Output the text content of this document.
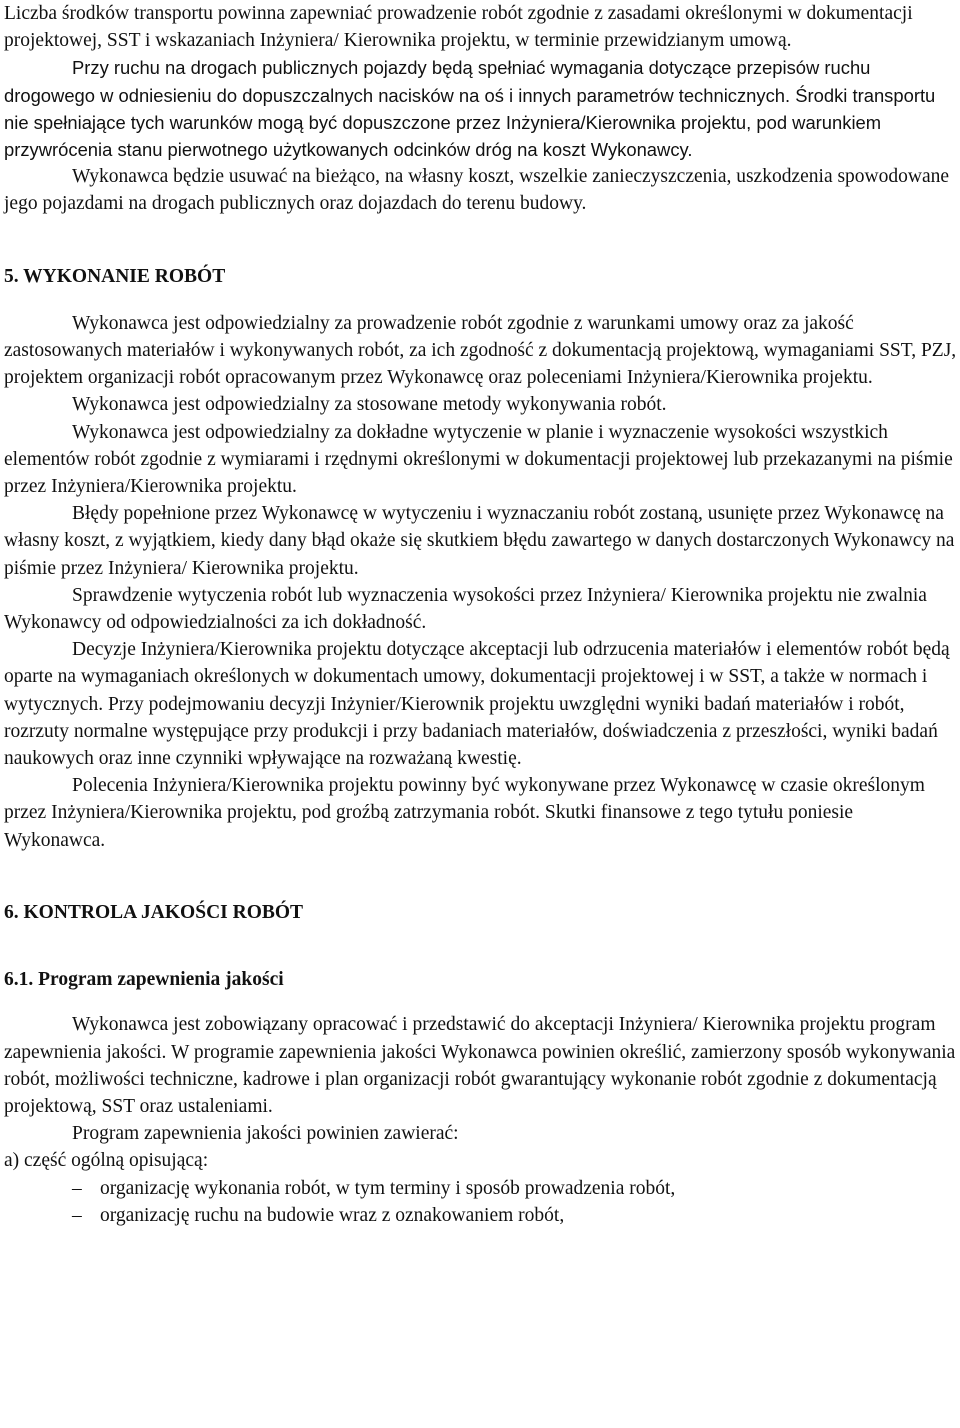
Liczba środków transportu powinna zapewniać prowadzenie robót zgodnie z zasadami określonymi w dokumentacji projektowej, SST i wskazaniach Inżyniera/ Kierownika projektu, w terminie przewidzianym umową.

Przy ruchu na drogach publicznych pojazdy będą spełniać wymagania dotyczące przepisów ruchu drogowego w odniesieniu do dopuszczalnych nacisków na oś i innych parametrów technicznych. Środki transportu nie spełniające tych warunków mogą być dopuszczone przez Inżyniera/Kierownika projektu, pod warunkiem przywrócenia stanu pierwotnego użytkowanych odcinków dróg na koszt Wykonawcy.

Wykonawca będzie usuwać na bieżąco, na własny koszt, wszelkie zanieczyszczenia, uszkodzenia spowodowane jego pojazdami na drogach publicznych oraz dojazdach do terenu budowy.

5. WYKONANIE ROBÓT

Wykonawca jest odpowiedzialny za prowadzenie robót zgodnie z warunkami umowy oraz za jakość zastosowanych materiałów i wykonywanych robót, za ich zgodność z dokumentacją projektową, wymaganiami SST, PZJ, projektem organizacji robót opracowanym przez Wykonawcę oraz poleceniami Inżyniera/Kierownika projektu.

Wykonawca jest odpowiedzialny za stosowane metody wykonywania robót.

Wykonawca jest odpowiedzialny za dokładne wytyczenie w planie i wyznaczenie wysokości wszystkich elementów robót zgodnie z wymiarami i rzędnymi określonymi w dokumentacji projektowej lub przekazanymi na piśmie przez Inżyniera/Kierownika projektu.

Błędy popełnione przez Wykonawcę w wytyczeniu i wyznaczaniu robót zostaną, usunięte przez Wykonawcę na własny koszt, z wyjątkiem, kiedy dany błąd okaże się skutkiem błędu zawartego w danych dostarczonych Wykonawcy na piśmie przez Inżyniera/ Kierownika projektu.

Sprawdzenie wytyczenia robót lub wyznaczenia wysokości przez Inżyniera/ Kierownika projektu nie zwalnia Wykonawcy od odpowiedzialności za ich dokładność.

Decyzje Inżyniera/Kierownika projektu dotyczące akceptacji lub odrzucenia materiałów i elementów robót będą oparte na wymaganiach określonych w dokumentach umowy, dokumentacji projektowej i w SST, a także w normach i wytycznych. Przy podejmowaniu decyzji Inżynier/Kierownik projektu uwzględni wyniki badań materiałów i robót, rozrzuty normalne występujące przy produkcji i przy badaniach materiałów, doświadczenia z przeszłości, wyniki badań naukowych oraz inne czynniki wpływające na rozważaną kwestię.

Polecenia Inżyniera/Kierownika projektu powinny być wykonywane przez Wykonawcę w czasie określonym przez Inżyniera/Kierownika projektu, pod groźbą zatrzymania robót. Skutki finansowe z tego tytułu poniesie Wykonawca.

6. KONTROLA JAKOŚCI ROBÓT
6.1. Program zapewnienia jakości

Wykonawca jest zobowiązany opracować i przedstawić do akceptacji Inżyniera/ Kierownika projektu program zapewnienia jakości. W programie zapewnienia jakości Wykonawca powinien określić, zamierzony sposób wykonywania robót, możliwości techniczne, kadrowe i plan organizacji robót gwarantujący wykonanie robót zgodnie z dokumentacją projektową, SST oraz ustaleniami.

Program zapewnienia jakości powinien zawierać:

a) część ogólną opisującą:

– organizację wykonania robót, w tym terminy i sposób prowadzenia robót,
– organizację ruchu na budowie wraz z oznakowaniem robót,
